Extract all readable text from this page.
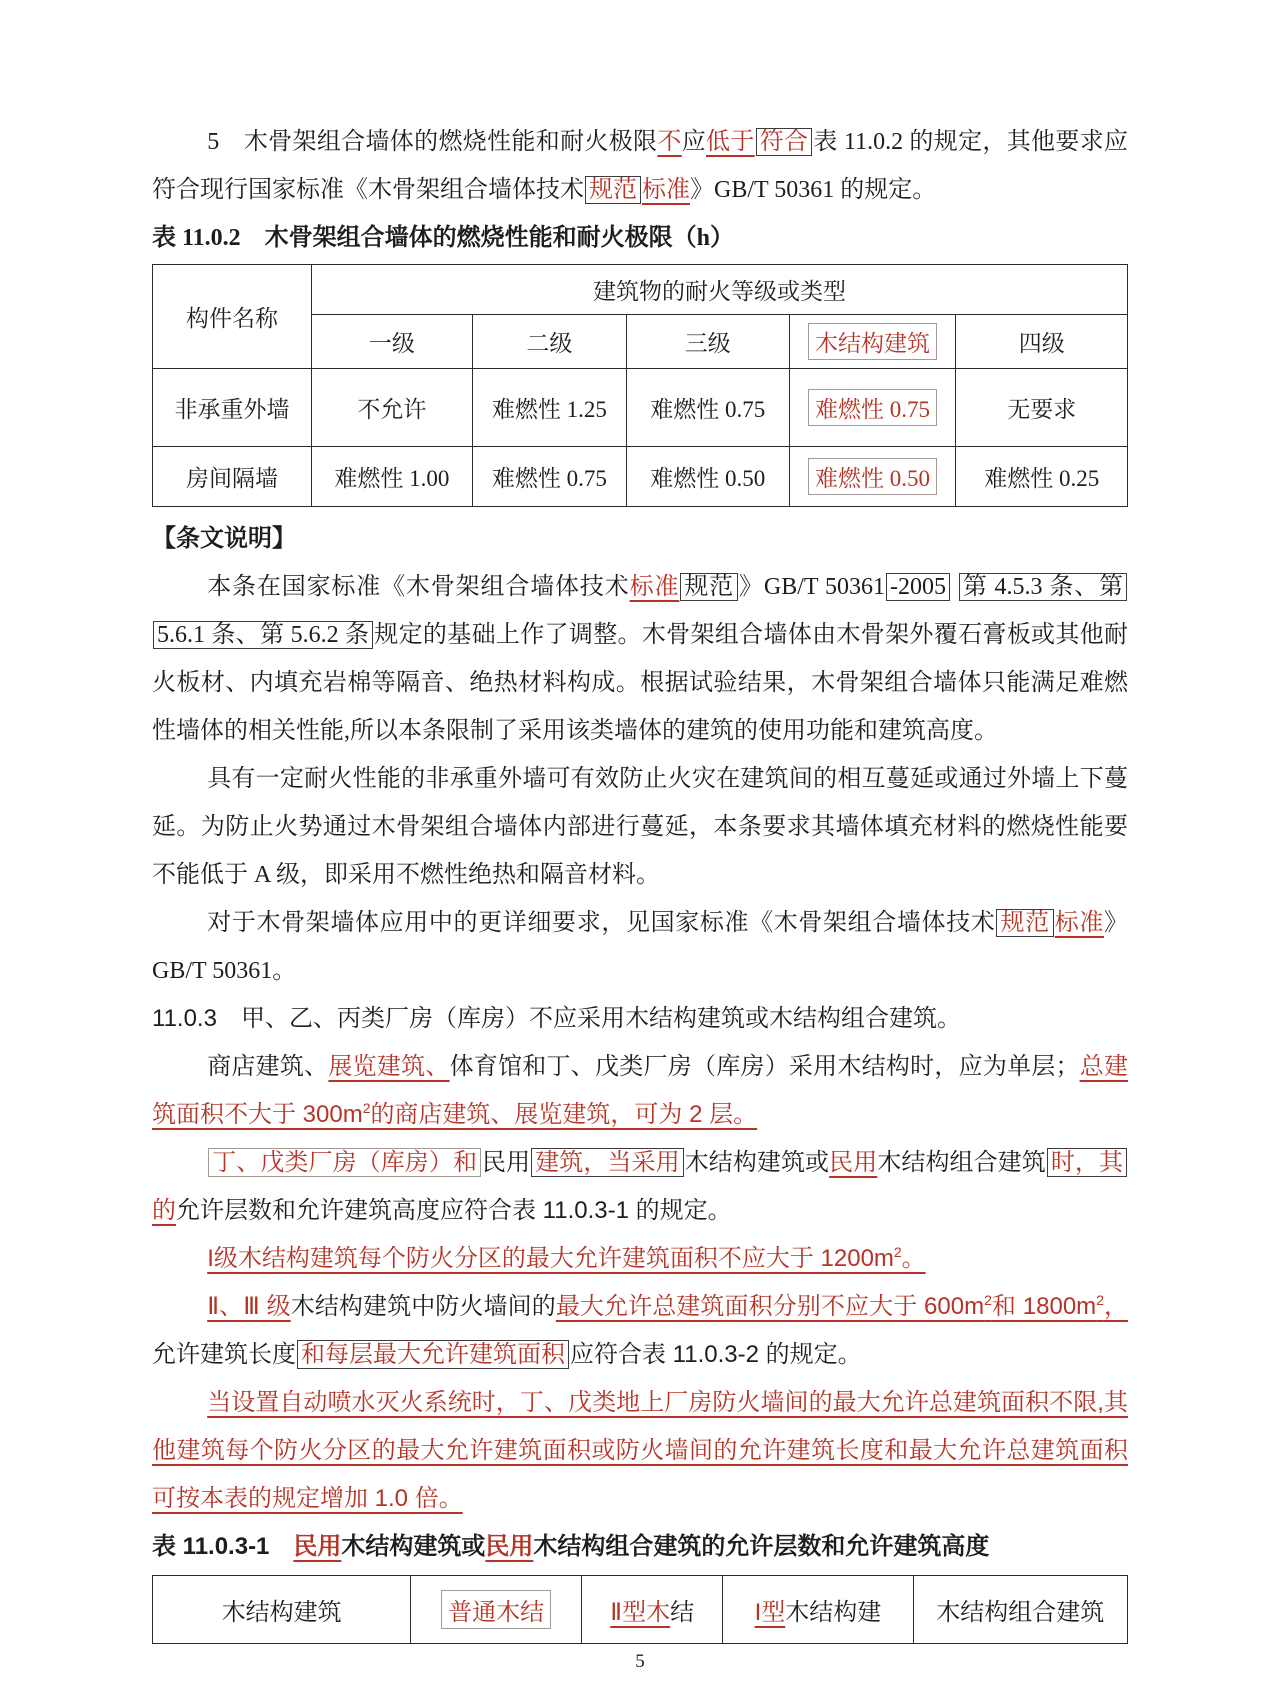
5　木骨架组合墙体的燃烧性能和耐火极限不应低于 符合 表 11.0.2 的规定，其他要求应符合现行国家标准《木骨架组合墙体技术 规范 标准》GB/T 50361 的规定。

表 11.0.2　木骨架组合墙体的燃烧性能和耐火极限（h）

构件名称	建筑物的耐火等级或类型				
	一级	二级	三级	木结构建筑	四级
非承重外墙	不允许	难燃性 1.25	难燃性 0.75	难燃性 0.75	无要求
房间隔墙	难燃性 1.00	难燃性 0.75	难燃性 0.50	难燃性 0.50	难燃性 0.25

【条文说明】

本条在国家标准《木骨架组合墙体技术标准 规范 》GB/T 50361 -2005 第 4.5.3 条、第 5.6.1 条、第 5.6.2 条 规定的基础上作了调整。木骨架组合墙体由木骨架外覆石膏板或其他耐火板材、内填充岩棉等隔音、绝热材料构成。根据试验结果，木骨架组合墙体只能满足难燃性墙体的相关性能,所以本条限制了采用该类墙体的建筑的使用功能和建筑高度。

具有一定耐火性能的非承重外墙可有效防止火灾在建筑间的相互蔓延或通过外墙上下蔓延。为防止火势通过木骨架组合墙体内部进行蔓延，本条要求其墙体填充材料的燃烧性能要不能低于 A 级，即采用不燃性绝热和隔音材料。

对于木骨架墙体应用中的更详细要求，见国家标准《木骨架组合墙体技术 规范 标准》GB/T 50361。

11.0.3　甲、乙、丙类厂房（库房）不应采用木结构建筑或木结构组合建筑。

商店建筑、展览建筑、体育馆和丁、戊类厂房（库房）采用木结构时，应为单层；总建筑面积不大于 $300m^2$的商店建筑、展览建筑，可为 2 层。

丁、戊类厂房（库房）和 民用 建筑，当采用 木结构建筑或民用木结构组合建筑 时，其的允许层数和允许建筑高度应符合表 11.0.3-1 的规定。

I级木结构建筑每个防火分区的最大允许建筑面积不应大于 $1200m^2$。

Ⅱ、Ⅲ 级木结构建筑中防火墙间的最大允许总建筑面积分别不应大于 $600m^2$和 $1800m^2$，允许建筑长度 和每层最大允许建筑面积 应符合表 11.0.3-2 的规定。

当设置自动喷水灭火系统时，丁、戊类地上厂房防火墙间的最大允许总建筑面积不限,其他建筑每个防火分区的最大允许建筑面积或防火墙间的允许建筑长度和最大允许总建筑面积可按本表的规定增加 1.0 倍。

表 11.0.3-1　民用木结构建筑或民用木结构组合建筑的允许层数和允许建筑高度

木结构建筑	普通木结	Ⅱ型木结	I型木结构建	木结构组合建筑
5
